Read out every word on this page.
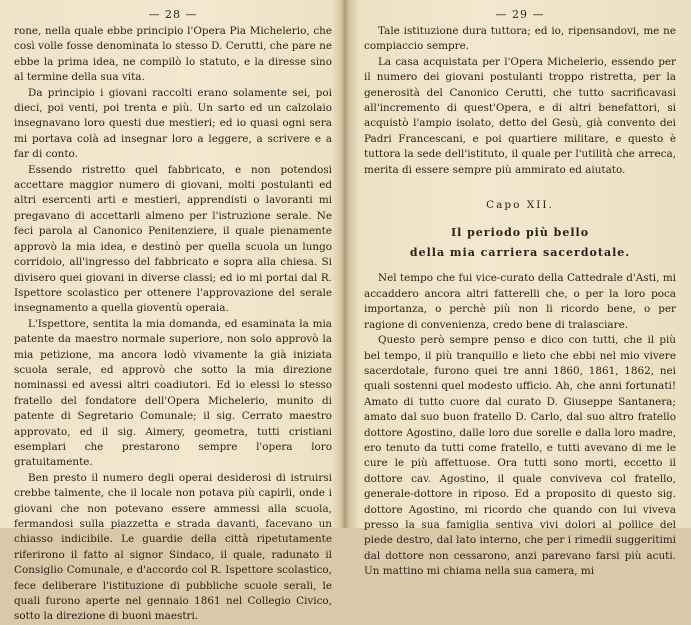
— 28 —

rone, nella quale ebbe principio l'Opera Pia Michelerio, che così volle fosse denominata lo stesso D. Cerutti, che pare ne ebbe la prima idea, ne compilò lo statuto, e la diresse sino al termine della sua vita.

Da principio i giovani raccolti erano solamente sei, poi dieci, poi venti, poi trenta e più. Un sarto ed un calzolaio insegnavano loro questi due mestieri; ed io quasi ogni sera mi portava colà ad insegnar loro a leggere, a scrivere e a far di conto.

Essendo ristretto quel fabbricato, e non potendosi accettare maggior numero di giovani, molti postulanti ed altri esercenti arti e mestieri, apprendisti o lavoranti mi pregavano di accettarli almeno per l'istruzione serale. Ne feci parola al Canonico Penitenziere, il quale pienamente approvò la mia idea, e destinò per quella scuola un lungo corridoio, all'ingresso del fabbricato e sopra alla chiesa. Si divisero quei giovani in diverse classi; ed io mi portai dal R. Ispettore scolastico per ottenere l'approvazione del serale insegnamento a quella gioventù operaia.

L'Ispettore, sentita la mia domanda, ed esaminata la mia patente da maestro normale superiore, non solo approvò la mia petizione, ma ancora lodò vivamente la già iniziata scuola serale, ed approvò che sotto la mia direzione nominassi ed avessi altri coadiutori. Ed io elessi lo stesso fratello del fondatore dell'Opera Michelerio, munito di patente di Segretario Comunale; il sig. Cerrato maestro approvato, ed il sig. Aimery, geometra, tutti cristiani esemplari che prestarono sempre l'opera loro gratuitamente.

Ben presto il numero degli operai desiderosi di istruirsi crebbe talmente, che il locale non potava più capirli, onde i giovani che non potevano essere ammessi alla scuola, fermandosi sulla piazzetta e strada davanti, facevano un chiasso indicibile. Le guardie della città ripetutamente riferirono il fatto al signor Sindaco, il quale, radunato il Consiglio Comunale, e d'accordo col R. Ispettore scolastico, fece deliberare l'istituzione di pubbliche scuole serali, le quali furono aperte nel gennaio 1861 nel Collegio Civico, sotto la direzione di buoni maestri.

— 29 —

Tale istituzione dura tuttora; ed io, ripensandovi, me ne compiaccio sempre.

La casa acquistata per l'Opera Michelerio, essendo per il numero dei giovani postulanti troppo ristretta, per la generosità del Canonico Cerutti, che tutto sacrificavasi all'incremento di quest'Opera, e di altri benefattori, si acquistò l'ampio isolato, detto del Gesù, già convento dei Padri Francescani, e poi quartiere militare, e questo è tuttora la sede dell'istituto, il quale per l'utilità che arreca, merita di essere sempre più ammirato ed aiutato.

Capo XII.
Il periodo più bello
della mia carriera sacerdotale.

Nel tempo che fui vice-curato della Cattedrale d'Asti, mi accaddero ancora altri fatterelli che, o per la loro poca importanza, o perchè più non li ricordo bene, o per ragione di convenienza, credo bene di tralasciare.

Questo però sempre penso e dico con tutti, che il più bel tempo, il più tranquillo e lieto che ebbi nel mio vivere sacerdotale, furono quei tre anni 1860, 1861, 1862, nei quali sostenni quel modesto ufficio. Ah, che anni fortunati! Amato di tutto cuore dal curato D. Giuseppe Santanera; amato dal suo buon fratello D. Carlo, dal suo altro fratello dottore Agostino, dalle loro due sorelle e dalla loro madre, ero tenuto da tutti come fratello, e tutti avevano di me le cure le più affettuose. Ora tutti sono morti, eccetto il dottore cav. Agostino, il quale conviveva col fratello, generale-dottore in riposo. Ed a proposito di questo sig. dottore Agostino, mi ricordo che quando con lui viveva presso la sua famiglia sentiva vivi dolori al pollice del piede destro, dal lato interno, che per i rimedii suggeritimi dal dottore non cessarono, anzi parevano farsi più acuti. Un mattino mi chiama nella sua camera, mi
